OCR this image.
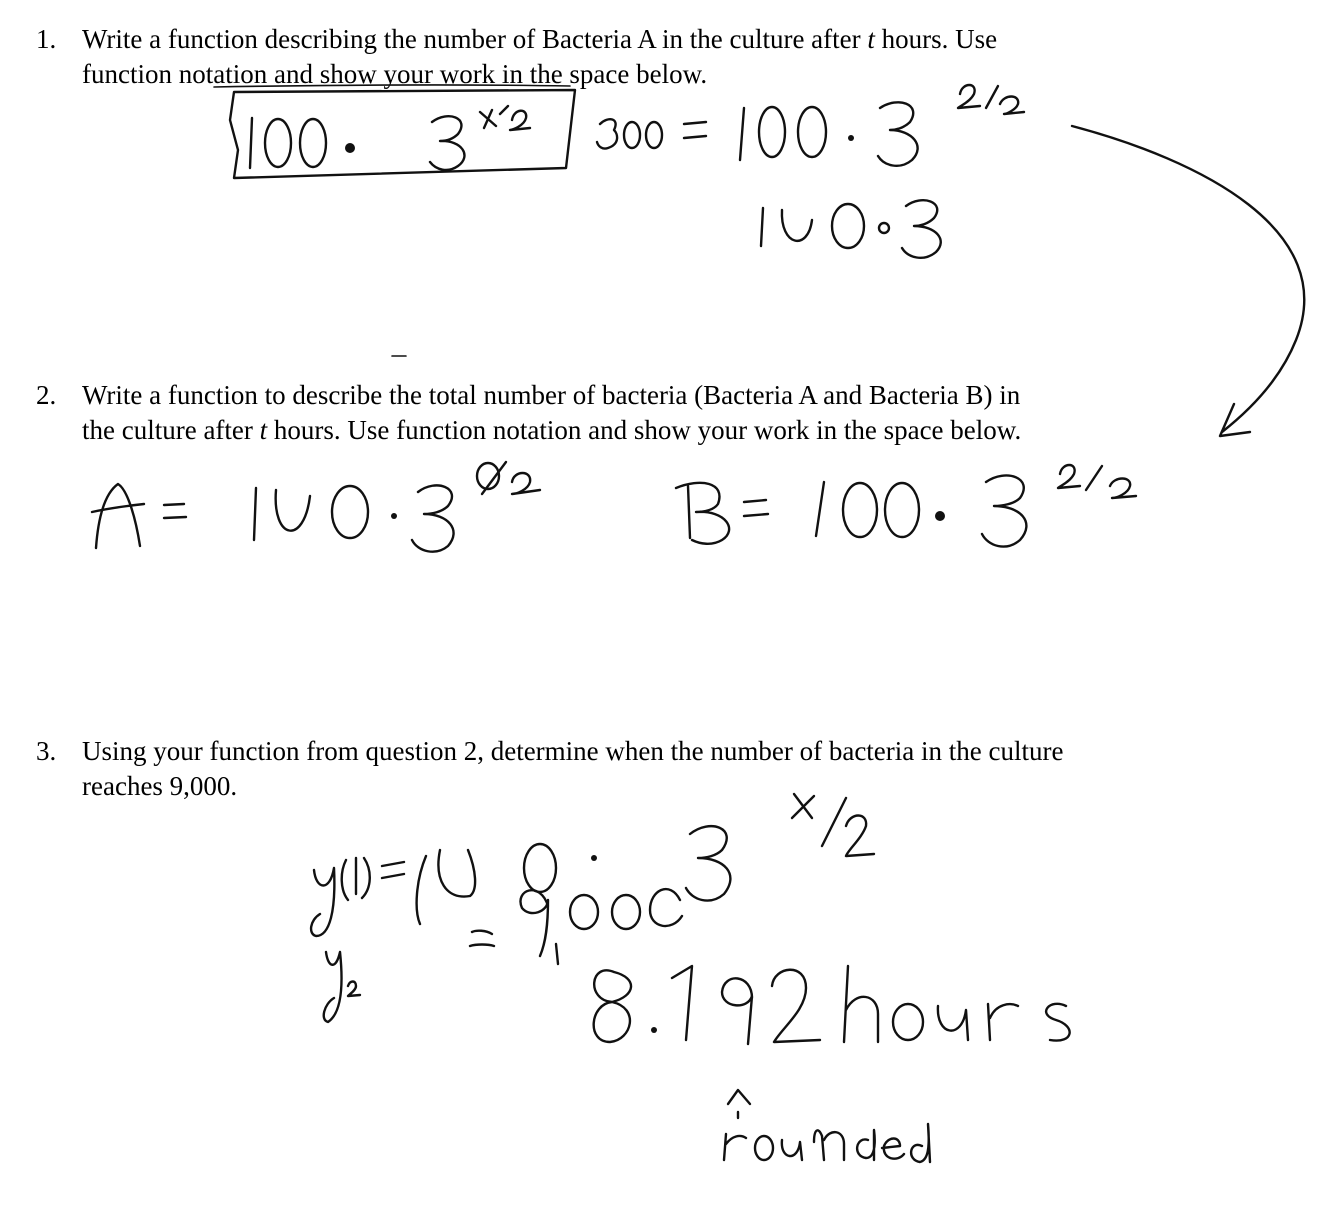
1. Write a function describing the number of Bacteria A in the culture after t hours. Use
function notation and show your work in the space below.
2. Write a function to describe the total number of bacteria (Bacteria A and Bacteria B) in
the culture after t hours. Use function notation and show your work in the space below.
3. Using your function from question 2, determine when the number of bacteria in the culture
reaches 9,000.
